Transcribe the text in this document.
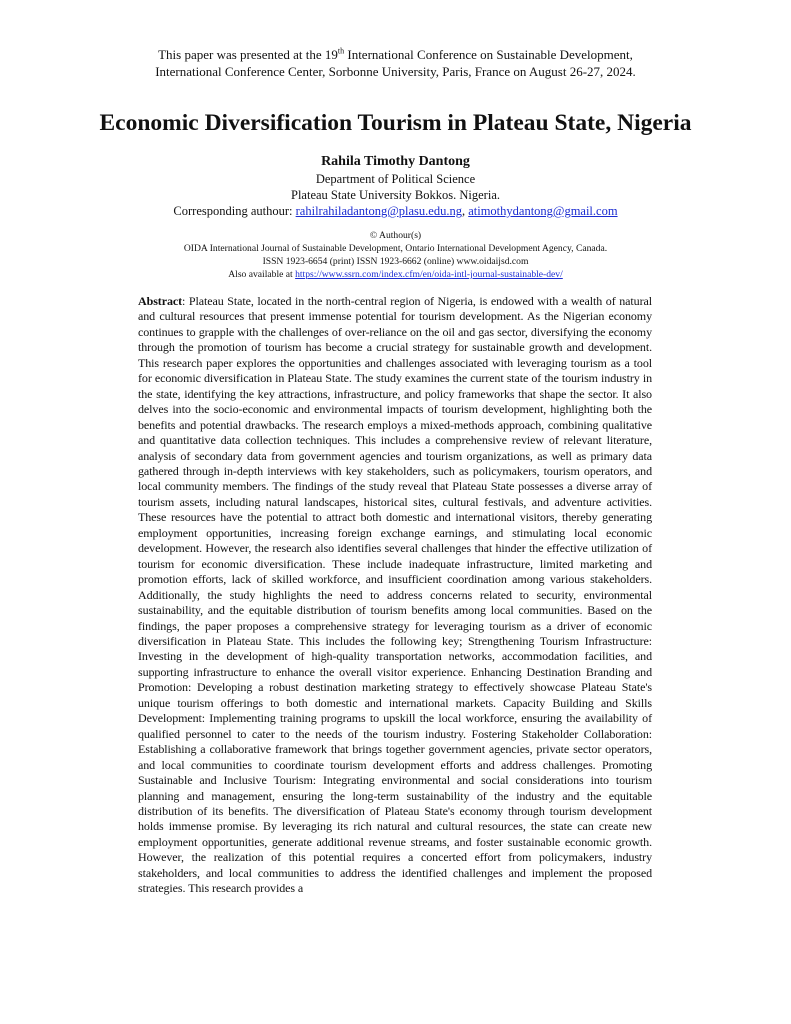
This paper was presented at the 19th International Conference on Sustainable Development,
International Conference Center, Sorbonne University, Paris, France on August 26-27, 2024.
Economic Diversification Tourism in Plateau State, Nigeria
Rahila Timothy Dantong
Department of Political Science
Plateau State University Bokkos. Nigeria.
Corresponding authour: rahilrahiladantong@plasu.edu.ng, atimothydantong@gmail.com
© Authour(s)
OIDA International Journal of Sustainable Development, Ontario International Development Agency, Canada.
ISSN 1923-6654 (print) ISSN 1923-6662 (online) www.oidaijsd.com
Also available at https://www.ssrn.com/index.cfm/en/oida-intl-journal-sustainable-dev/

Abstract: Plateau State, located in the north-central region of Nigeria, is endowed with a wealth of natural and cultural resources that present immense potential for tourism development. As the Nigerian economy continues to grapple with the challenges of over-reliance on the oil and gas sector, diversifying the economy through the promotion of tourism has become a crucial strategy for sustainable growth and development. This research paper explores the opportunities and challenges associated with leveraging tourism as a tool for economic diversification in Plateau State. The study examines the current state of the tourism industry in the state, identifying the key attractions, infrastructure, and policy frameworks that shape the sector. It also delves into the socio-economic and environmental impacts of tourism development, highlighting both the benefits and potential drawbacks. The research employs a mixed-methods approach, combining qualitative and quantitative data collection techniques. This includes a comprehensive review of relevant literature, analysis of secondary data from government agencies and tourism organizations, as well as primary data gathered through in-depth interviews with key stakeholders, such as policymakers, tourism operators, and local community members. The findings of the study reveal that Plateau State possesses a diverse array of tourism assets, including natural landscapes, historical sites, cultural festivals, and adventure activities. These resources have the potential to attract both domestic and international visitors, thereby generating employment opportunities, increasing foreign exchange earnings, and stimulating local economic development. However, the research also identifies several challenges that hinder the effective utilization of tourism for economic diversification. These include inadequate infrastructure, limited marketing and promotion efforts, lack of skilled workforce, and insufficient coordination among various stakeholders. Additionally, the study highlights the need to address concerns related to security, environmental sustainability, and the equitable distribution of tourism benefits among local communities. Based on the findings, the paper proposes a comprehensive strategy for leveraging tourism as a driver of economic diversification in Plateau State. This includes the following key; Strengthening Tourism Infrastructure: Investing in the development of high-quality transportation networks, accommodation facilities, and supporting infrastructure to enhance the overall visitor experience. Enhancing Destination Branding and Promotion: Developing a robust destination marketing strategy to effectively showcase Plateau State's unique tourism offerings to both domestic and international markets. Capacity Building and Skills Development: Implementing training programs to upskill the local workforce, ensuring the availability of qualified personnel to cater to the needs of the tourism industry. Fostering Stakeholder Collaboration: Establishing a collaborative framework that brings together government agencies, private sector operators, and local communities to coordinate tourism development efforts and address challenges. Promoting Sustainable and Inclusive Tourism: Integrating environmental and social considerations into tourism planning and management, ensuring the long-term sustainability of the industry and the equitable distribution of its benefits. The diversification of Plateau State's economy through tourism development holds immense promise. By leveraging its rich natural and cultural resources, the state can create new employment opportunities, generate additional revenue streams, and foster sustainable economic growth. However, the realization of this potential requires a concerted effort from policymakers, industry stakeholders, and local communities to address the identified challenges and implement the proposed strategies. This research provides a
